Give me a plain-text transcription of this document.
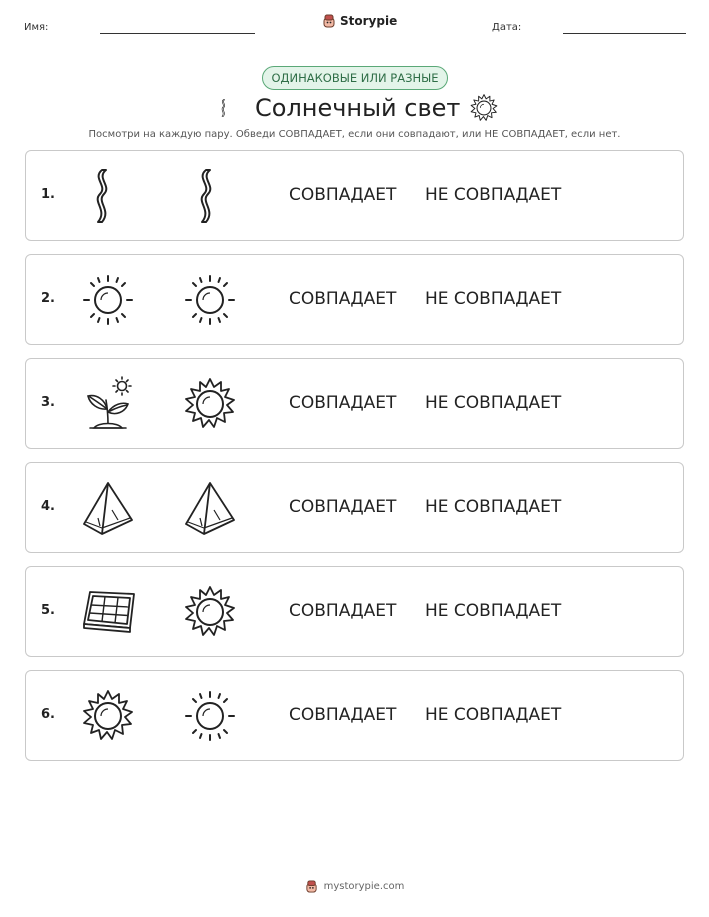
Имя:	Storypie	Дата:
ОДИНАКОВЫЕ ИЛИ РАЗНЫЕ
Солнечный свет
Посмотри на каждую пару. Обведи СОВПАДАЕТ, если они совпадают, или НЕ СОВПАДАЕТ, если нет.
1.	СОВПАДАЕТ НЕ СОВПАДАЕТ
2.	СОВПАДАЕТ НЕ СОВПАДАЕТ
3.	СОВПАДАЕТ НЕ СОВПАДАЕТ
4.	СОВПАДАЕТ НЕ СОВПАДАЕТ
5.	СОВПАДАЕТ НЕ СОВПАДАЕТ
6.	СОВПАДАЕТ НЕ СОВПАДАЕТ
mystorypie.com
